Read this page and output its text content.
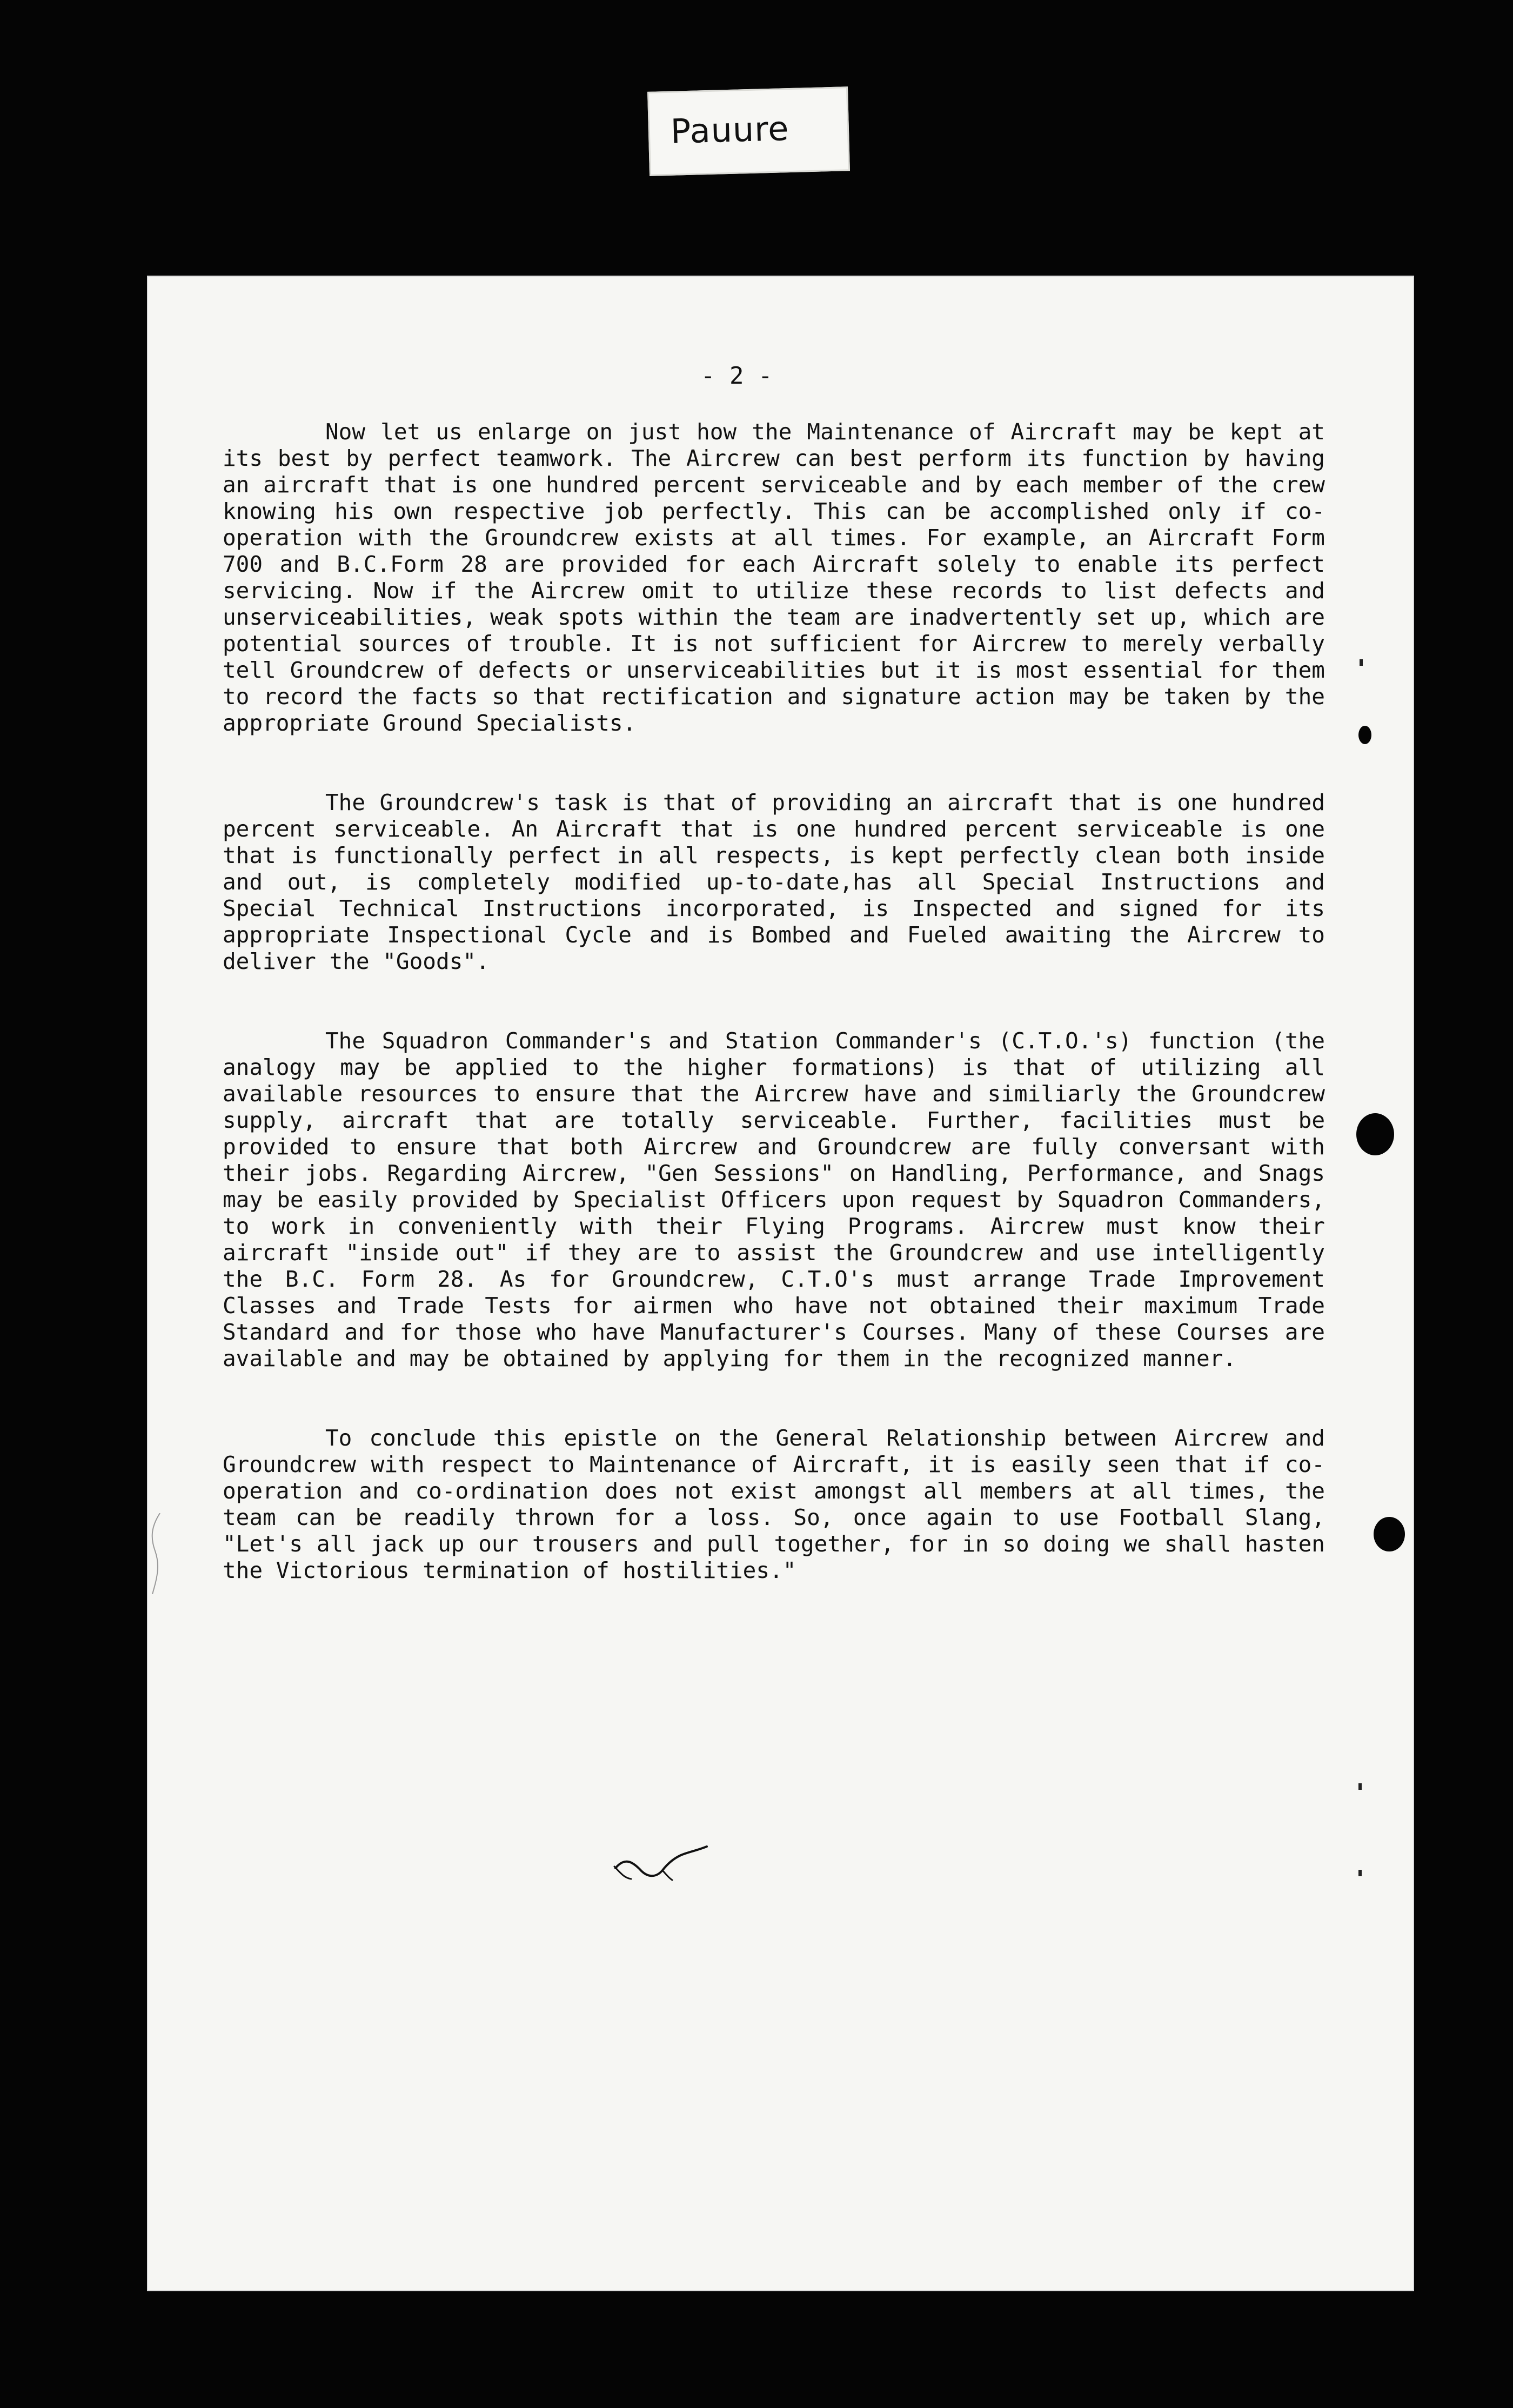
Pauure
- 2 -

Now let us enlarge on just how the Maintenance of Aircraft may be kept at its best by perfect teamwork. The Aircrew can best perform its function by having an aircraft that is one hundred percent serviceable and by each member of the crew knowing his own respective job perfectly. This can be accomplished only if co-operation with the Groundcrew exists at all times. For example, an Aircraft Form 700 and B.C.Form 28 are provided for each Aircraft solely to enable its perfect servicing. Now if the Aircrew omit to utilize these records to list defects and unserviceabilities, weak spots within the team are inadvertently set up, which are potential sources of trouble. It is not sufficient for Aircrew to merely verbally tell Groundcrew of defects or unserviceabilities but it is most essential for them to record the facts so that rectification and signature action may be taken by the appropriate Ground Specialists.

The Groundcrew's task is that of providing an aircraft that is one hundred percent serviceable. An Aircraft that is one hundred percent serviceable is one that is functionally perfect in all respects, is kept perfectly clean both inside and out, is completely modified up-to-date,has all Special Instructions and Special Technical Instructions incorporated, is Inspected and signed for its appropriate Inspectional Cycle and is Bombed and Fueled awaiting the Aircrew to deliver the "Goods".

The Squadron Commander's and Station Commander's (C.T.O.'s) function (the analogy may be applied to the higher formations) is that of utilizing all available resources to ensure that the Aircrew have and similiarly the Groundcrew supply, aircraft that are totally serviceable. Further, facilities must be provided to ensure that both Aircrew and Groundcrew are fully conversant with their jobs. Regarding Aircrew, "Gen Sessions" on Handling, Performance, and Snags may be easily provided by Specialist Officers upon request by Squadron Commanders, to work in conveniently with their Flying Programs. Aircrew must know their aircraft "inside out" if they are to assist the Groundcrew and use intelligently the B.C. Form 28. As for Groundcrew, C.T.O's must arrange Trade Improvement Classes and Trade Tests for airmen who have not obtained their maximum Trade Standard and for those who have Manufacturer's Courses. Many of these Courses are available and may be obtained by applying for them in the recognized manner.

To conclude this epistle on the General Relationship between Aircrew and Groundcrew with respect to Maintenance of Aircraft, it is easily seen that if co-operation and co-ordination does not exist amongst all members at all times, the team can be readily thrown for a loss. So, once again to use Football Slang, "Let's all jack up our trousers and pull together, for in so doing we shall hasten the Victorious termination of hostilities."
